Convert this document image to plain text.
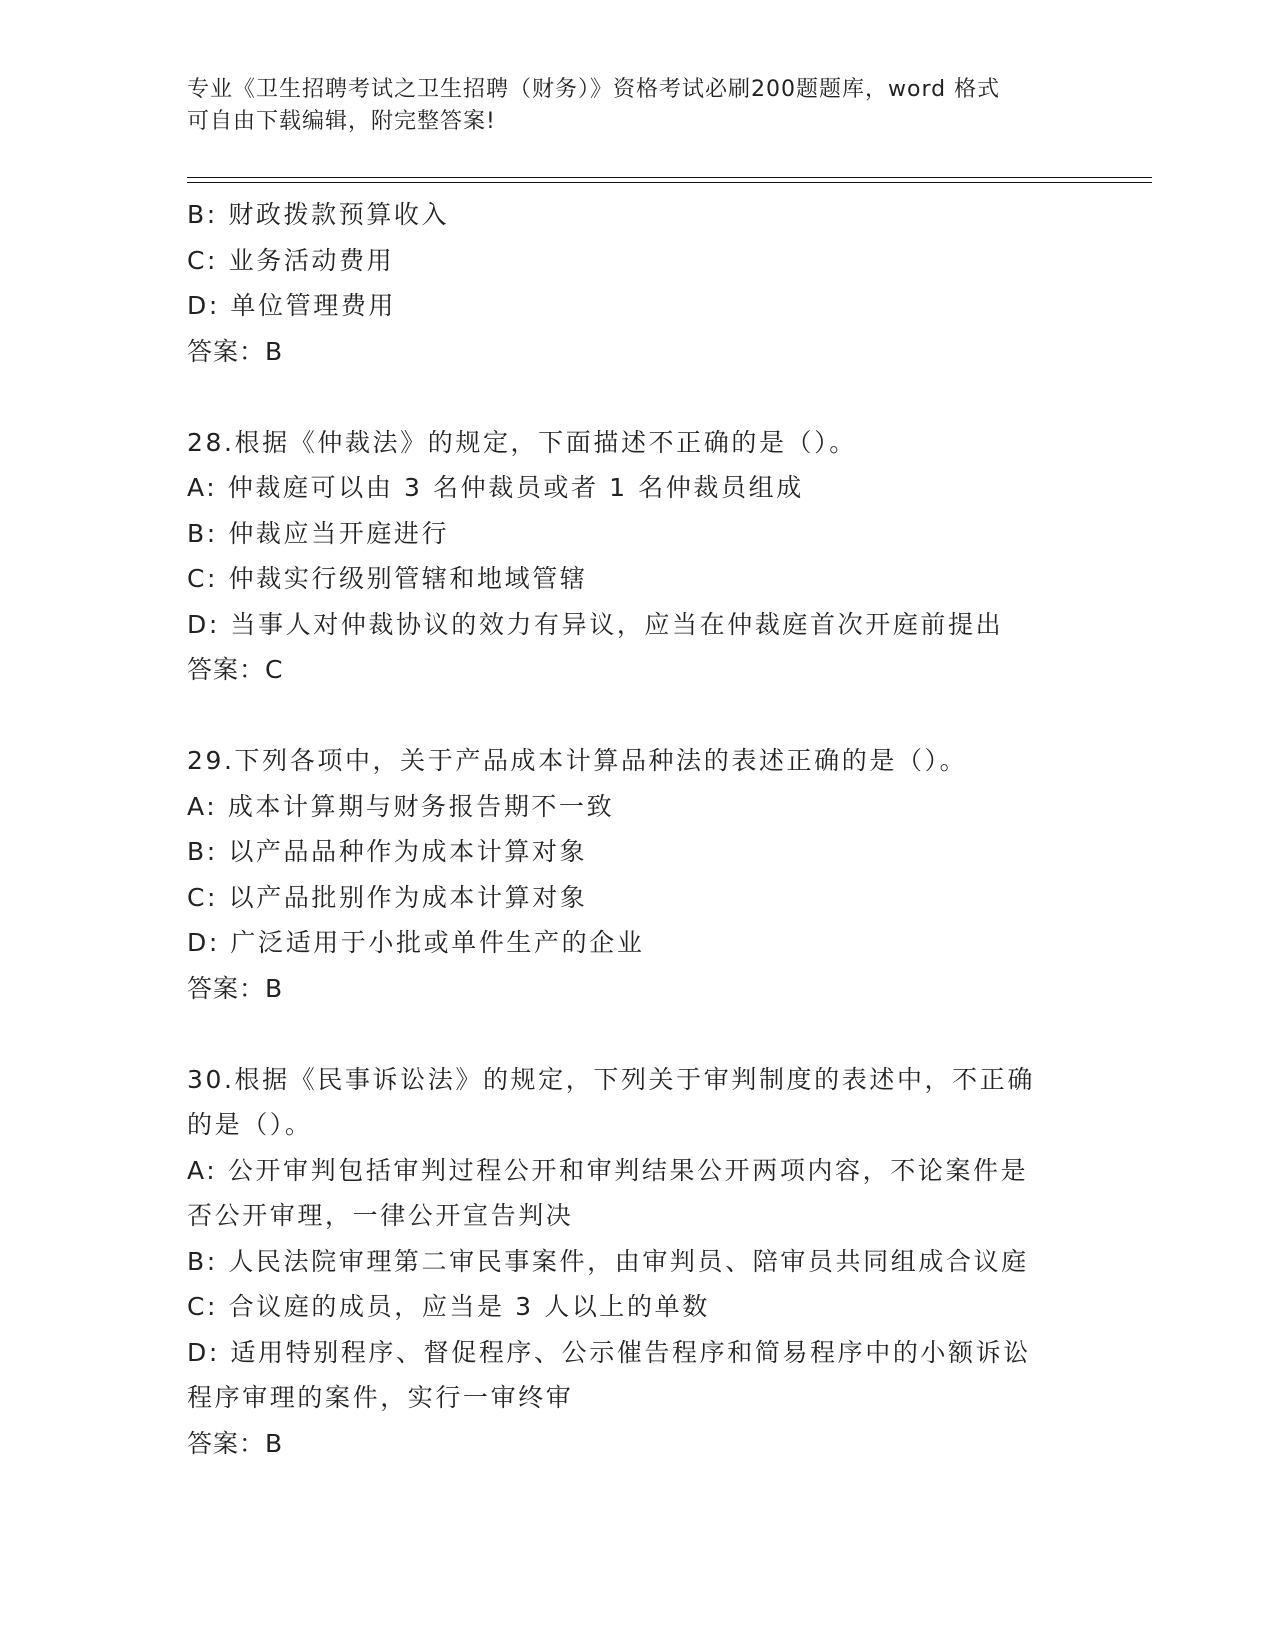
专业《卫生招聘考试之卫生招聘（财务）》资格考试必刷200题题库，word 格式
可自由下载编辑，附完整答案!
B: 财政拨款预算收入
C: 业务活动费用
D: 单位管理费用
答案：B
28.根据《仲裁法》的规定，下面描述不正确的是（）。
A: 仲裁庭可以由 3 名仲裁员或者 1 名仲裁员组成
B: 仲裁应当开庭进行
C: 仲裁实行级别管辖和地域管辖
D: 当事人对仲裁协议的效力有异议，应当在仲裁庭首次开庭前提出
答案：C
29.下列各项中，关于产品成本计算品种法的表述正确的是（）。
A: 成本计算期与财务报告期不一致
B: 以产品品种作为成本计算对象
C: 以产品批别作为成本计算对象
D: 广泛适用于小批或单件生产的企业
答案：B
30.根据《民事诉讼法》的规定，下列关于审判制度的表述中，不正确
的是（）。
A: 公开审判包括审判过程公开和审判结果公开两项内容，不论案件是
否公开审理，一律公开宣告判决
B: 人民法院审理第二审民事案件，由审判员、陪审员共同组成合议庭
C: 合议庭的成员，应当是 3 人以上的单数
D: 适用特别程序、督促程序、公示催告程序和简易程序中的小额诉讼
程序审理的案件，实行一审终审
答案：B
